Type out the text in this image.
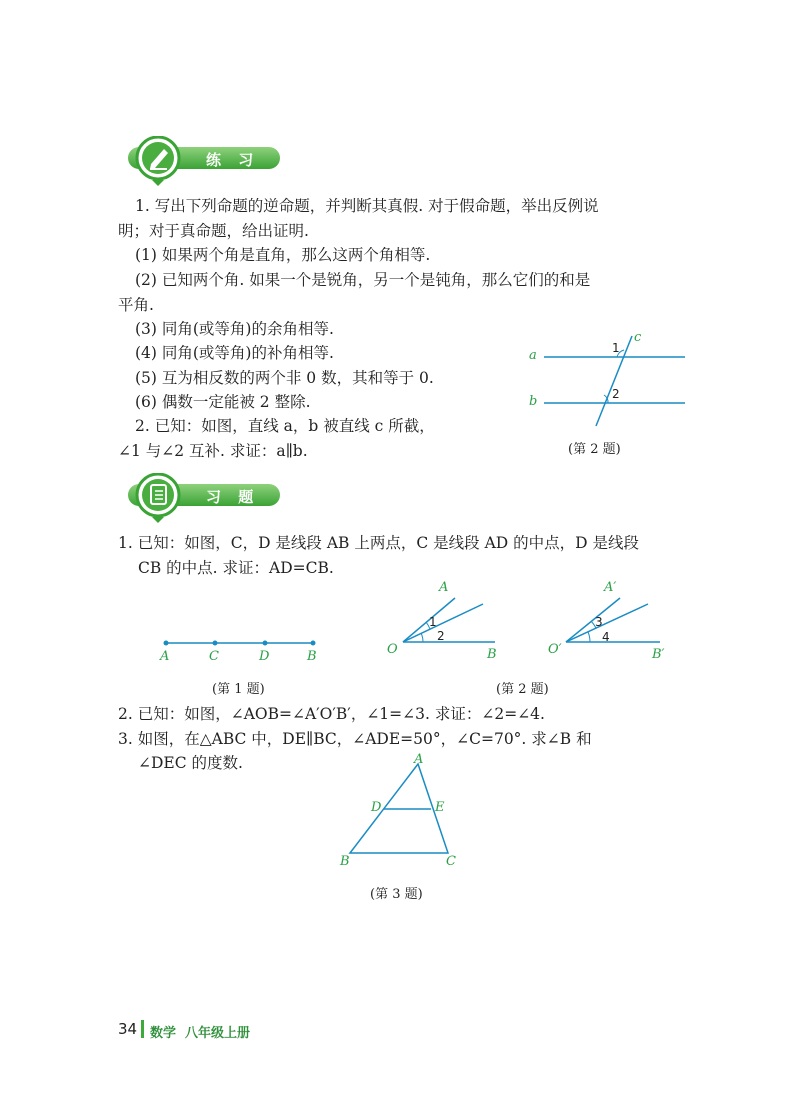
练 习
1. 写出下列命题的逆命题，并判断其真假. 对于假命题，举出反例说
明；对于真命题，给出证明.
(1) 如果两个角是直角，那么这两个角相等.
(2) 已知两个角. 如果一个是锐角，另一个是钝角，那么它们的和是
平角.
(3) 同角(或等角)的余角相等.
(4) 同角(或等角)的补角相等.
(5) 互为相反数的两个非 0 数，其和等于 0.
(6) 偶数一定能被 2 整除.
2. 已知：如图，直线 a，b 被直线 c 所截，
∠1 与∠2 互补. 求证：a∥b.
a
b
c
1
2
(第 2 题)
习 题
1. 已知：如图，C，D 是线段 AB 上两点，C 是线段 AD 的中点，D 是线段
CB 的中点. 求证：AD=CB.
A	C	D	B
(第 1 题)
A
O	B
1
2
A′
O′	B′
3
4
(第 2 题)
2. 已知：如图，∠AOB=∠A′O′B′，∠1=∠3. 求证：∠2=∠4.
3. 如图，在△ABC 中，DE∥BC，∠ADE=50°，∠C=70°. 求∠B 和
∠DEC 的度数.	A
B	C
D	E
(第 3 题)
34 数学  八年级上册
